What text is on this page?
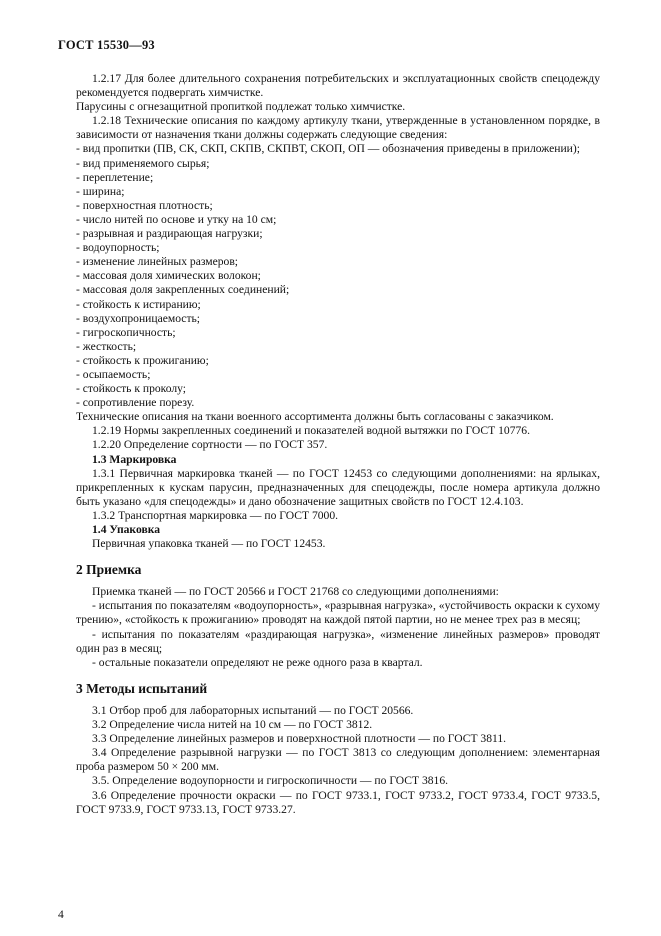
ГОСТ 15530—93

1.2.17 Для более длительного сохранения потребительских и эксплуатационных свойств спецодежду рекомендуется подвергать химчистке.

Парусины с огнезащитной пропиткой подлежат только химчистке.

1.2.18 Технические описания по каждому артикулу ткани, утвержденные в установленном порядке, в зависимости от назначения ткани должны содержать следующие сведения:

- вид пропитки (ПВ, СК, СКП, СКПВ, СКПВТ, СКОП, ОП — обозначения приведены в приложении);

- вид применяемого сырья;

- переплетение;

- ширина;

- поверхностная плотность;

- число нитей по основе и утку на 10 см;

- разрывная и раздирающая нагрузки;

- водоупорность;

- изменение линейных размеров;

- массовая доля химических волокон;

- массовая доля закрепленных соединений;

- стойкость к истиранию;

- воздухопроницаемость;

- гигроскопичность;

- жесткость;

- стойкость к прожиганию;

- осыпаемость;

- стойкость к проколу;

- сопротивление порезу.

Технические описания на ткани военного ассортимента должны быть согласованы с заказчиком.

1.2.19 Нормы закрепленных соединений и показателей водной вытяжки по ГОСТ 10776.

1.2.20 Определение сортности — по ГОСТ 357.

1.3 Маркировка

1.3.1 Первичная маркировка тканей — по ГОСТ 12453 со следующими дополнениями: на ярлыках, прикрепленных к кускам парусин, предназначенных для спецодежды, после номера артикула должно быть указано «для спецодежды» и дано обозначение защитных свойств по ГОСТ 12.4.103.

1.3.2 Транспортная маркировка — по ГОСТ 7000.

1.4 Упаковка

Первичная упаковка тканей — по ГОСТ 12453.

2 Приемка

Приемка тканей — по ГОСТ 20566 и ГОСТ 21768 со следующими дополнениями:

- испытания по показателям «водоупорность», «разрывная нагрузка», «устойчивость окраски к сухому трению», «стойкость к прожиганию» проводят на каждой пятой партии, но не менее трех раз в месяц;

- испытания по показателям «раздирающая нагрузка», «изменение линейных размеров» проводят один раз в месяц;

- остальные показатели определяют не реже одного раза в квартал.

3 Методы испытаний

3.1 Отбор проб для лабораторных испытаний — по ГОСТ 20566.

3.2 Определение числа нитей на 10 см — по ГОСТ 3812.

3.3 Определение линейных размеров и поверхностной плотности — по ГОСТ 3811.

3.4 Определение разрывной нагрузки — по ГОСТ 3813 со следующим дополнением: элементарная проба размером 50 × 200 мм.

3.5. Определение водоупорности и гигроскопичности — по ГОСТ 3816.

3.6 Определение прочности окраски — по ГОСТ 9733.1, ГОСТ 9733.2, ГОСТ 9733.4, ГОСТ 9733.5, ГОСТ 9733.9, ГОСТ 9733.13, ГОСТ 9733.27.

4
